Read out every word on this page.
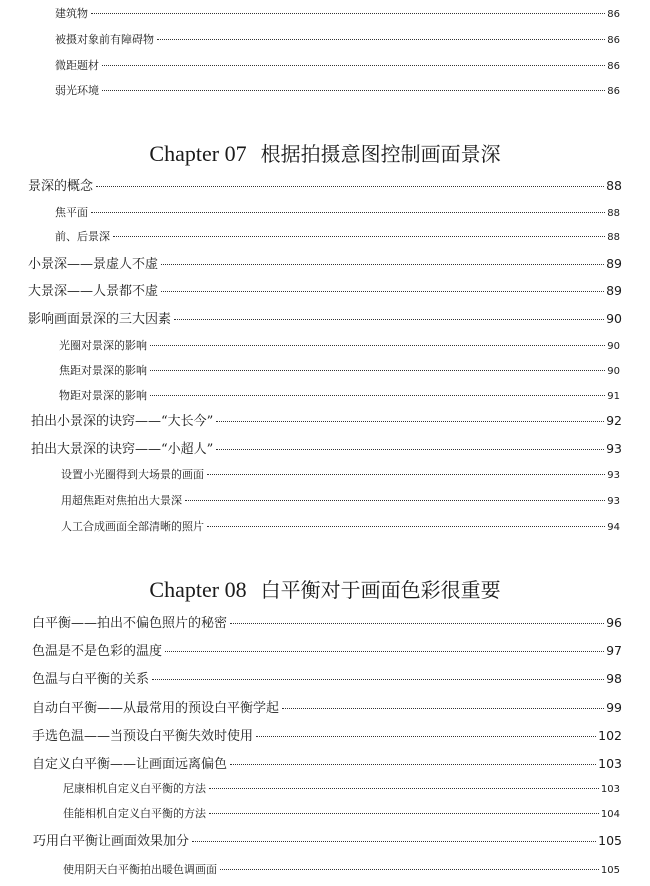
建筑物	86
被摄对象前有障碍物	86
微距题材	86
弱光环境	86
Chapter 07 根据拍摄意图控制画面景深
景深的概念	88
焦平面	88
前、后景深	88
小景深——景虚人不虚	89
大景深——人景都不虚	89
影响画面景深的三大因素	90
光圈对景深的影响	90
焦距对景深的影响	90
物距对景深的影响	91
拍出小景深的诀窍——“大长今”	92
拍出大景深的诀窍——“小超人”	93
设置小光圈得到大场景的画面	93
用超焦距对焦拍出大景深	93
人工合成画面全部清晰的照片	94
Chapter 08 白平衡对于画面色彩很重要
白平衡——拍出不偏色照片的秘密	96
色温是不是色彩的温度	97
色温与白平衡的关系	98
自动白平衡——从最常用的预设白平衡学起	99
手选色温——当预设白平衡失效时使用	102
自定义白平衡——让画面远离偏色	103
尼康相机自定义白平衡的方法	103
佳能相机自定义白平衡的方法	104
巧用白平衡让画面效果加分	105
使用阴天白平衡拍出暖色调画面	105
